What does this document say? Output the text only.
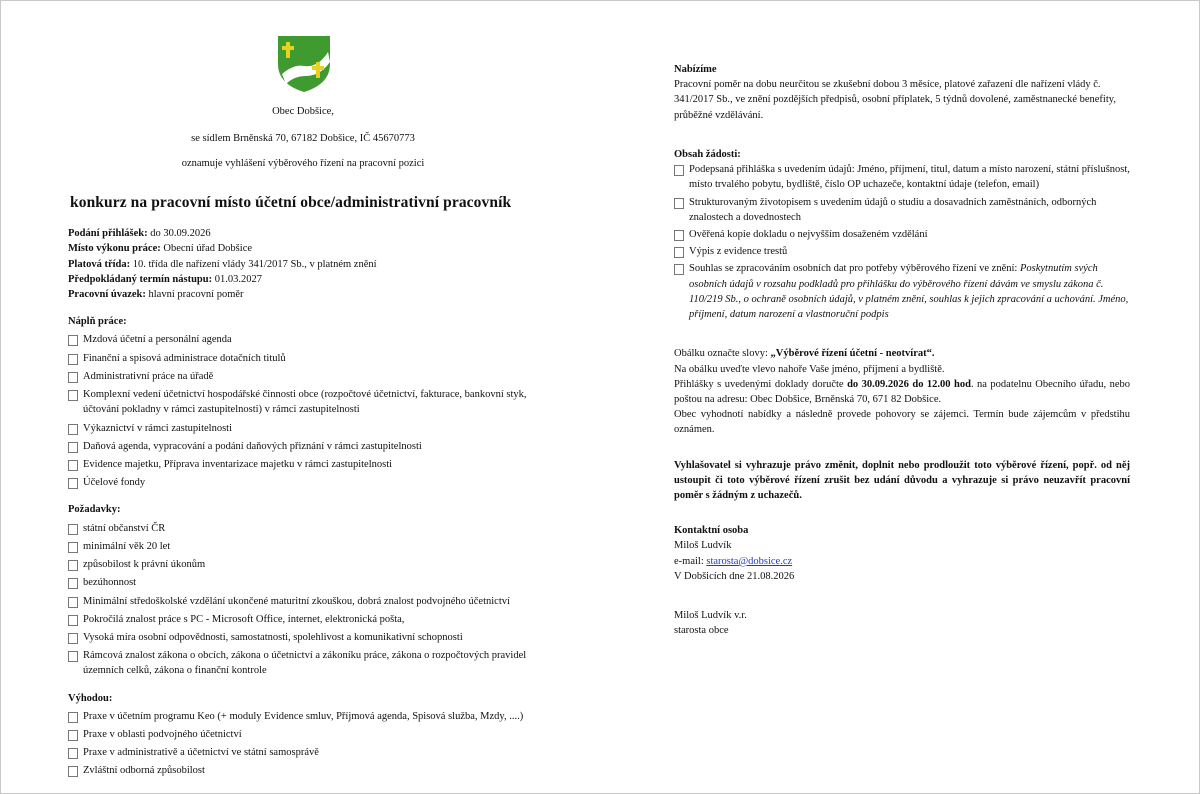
Obec Dobšice,

se sídlem Brněnská 70, 67182 Dobšice, IČ 45670773

oznamuje vyhlášení výběrového řízení na pracovní pozici

konkurz na pracovní místo účetní obce/administrativní pracovník

Podání přihlášek: do 30.09.2026

Místo výkonu práce: Obecní úřad Dobšice

Platová třída: 10. třída dle nařízení vlády 341/2017 Sb., v platném znění

Předpokládaný termín nástupu: 01.03.2027

Pracovní úvazek: hlavní pracovní poměr

Náplň práce:

Mzdová účetní a personální agenda
Finanční a spisová administrace dotačních titulů
Administrativní práce na úřadě
Komplexní vedení účetnictví hospodářské činnosti obce (rozpočtové účetnictví, fakturace, bankovní styk, účtování pokladny v rámci zastupitelnosti) v rámci zastupitelnosti
Výkaznictví v rámci zastupitelnosti
Daňová agenda, vypracování a podání daňových přiznání v rámci zastupitelnosti
Evidence majetku, Příprava inventarizace majetku v rámci zastupitelnosti
Účelové fondy

Požadavky:

státní občanství ČR
minimální věk 20 let
způsobilost k právní úkonům
bezúhonnost
Minimální středoškolské vzdělání ukončené maturitní zkouškou, dobrá znalost podvojného účetnictví
Pokročilá znalost práce s PC - Microsoft Office, internet, elektronická pošta,
Vysoká míra osobní odpovědnosti, samostatnosti, spolehlivost a komunikativní schopnosti
Rámcová znalost zákona o obcích, zákona o účetnictví a zákoníku práce, zákona o rozpočtových pravidel územních celků, zákona o finanční kontrole

Výhodou:

Praxe v účetním programu Keo (+ moduly Evidence smluv, Příjmová agenda, Spisová služba, Mzdy, ....)
Praxe v oblasti podvojného účetnictví
Praxe v administrativě a účetnictví ve státní samosprávě
Zvláštní odborná způsobilost

Nabízíme

Pracovní poměr na dobu neurčitou se zkušební dobou 3 měsíce, platové zařazení dle nařízení vlády č. 341/2017 Sb., ve znění pozdějších předpisů, osobní příplatek, 5 týdnů dovolené, zaměstnanecké benefity, průběžné vzdělávání.

Obsah žádosti:

Podepsaná přihláška s uvedením údajů: Jméno, příjmení, titul, datum a místo narození, státní příslušnost, místo trvalého pobytu, bydliště, číslo OP uchazeče, kontaktní údaje (telefon, email)
Strukturovaným životopisem s uvedením údajů o studiu a dosavadních zaměstnáních, odborných znalostech a dovednostech
Ověřená kopie dokladu o nejvyšším dosaženém vzdělání
Výpis z evidence trestů
Souhlas se zpracováním osobních dat pro potřeby výběrového řízení ve znění: Poskytnutím svých osobních údajů v rozsahu podkladů pro přihlášku do výběrového řízení dávám ve smyslu zákona č. 110/219 Sb., o ochraně osobních údajů, v platném znění, souhlas k jejich zpracování a uchování. Jméno, příjmení, datum narození a vlastnoruční podpis

Obálku označte slovy: „Výběrové řízení účetní - neotvírat“.

Na obálku uveďte vlevo nahoře Vaše jméno, příjmení a bydliště.

Přihlášky s uvedenými doklady doručte do 30.09.2026 do 12.00 hod. na podatelnu Obecního úřadu, nebo poštou na adresu: Obec Dobšice, Brněnská 70, 671 82 Dobšice.

Obec vyhodnotí nabídky a následně provede pohovory se zájemci. Termín bude zájemcům v předstihu oznámen.

Vyhlašovatel si vyhrazuje právo změnit, doplnit nebo prodloužit toto výběrové řízení, popř. od něj ustoupit či toto výběrové řízení zrušit bez udání důvodu a vyhrazuje si právo neuzavřít pracovní poměr s žádným z uchazečů.

Kontaktní osoba

Miloš Ludvík

e-mail: starosta@dobsice.cz

V Dobšicích dne 21.08.2026

Miloš Ludvík v.r.

starosta obce
